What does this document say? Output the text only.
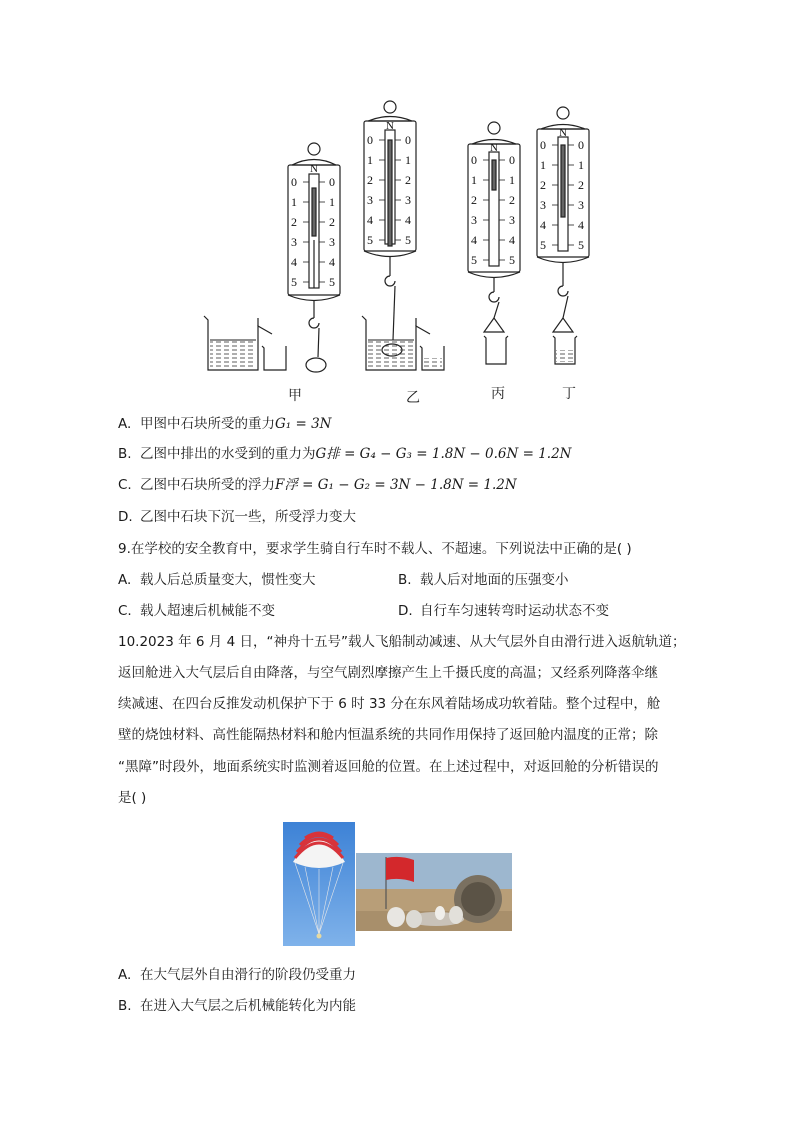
N
0	0
1	1
2	2
3	3
4	4
5	5
N
0	0
1	1
2	2
3	3
4	4
5	5
N
0	0
1	1
2	2
3	3
4	4
5	5
N
0	0
1	1
2	2
3	3
4	4
5	5
甲	乙	丙	丁
A. 甲图中石块所受的重力G₁ = 3N
B. 乙图中排出的水受到的重力为G排 = G₄ − G₃ = 1.8N − 0.6N = 1.2N
C. 乙图中石块所受的浮力F浮 = G₁ − G₂ = 3N − 1.8N = 1.2N
D. 乙图中石块下沉一些，所受浮力变大
9.在学校的安全教育中，要求学生骑自行车时不载人、不超速。下列说法中正确的是( )
A. 载人后总质量变大，惯性变大	B. 载人后对地面的压强变小
C. 载人超速后机械能不变	D. 自行车匀速转弯时运动状态不变
10.2023 年 6 月 4 日，“神舟十五号”载人飞船制动减速、从大气层外自由滑行进入返航轨道；
返回舱进入大气层后自由降落，与空气剧烈摩擦产生上千摄氏度的高温；又经系列降落伞继
续减速、在四台反推发动机保护下于 6 时 33 分在东风着陆场成功软着陆。整个过程中，舱
壁的烧蚀材料、高性能隔热材料和舱内恒温系统的共同作用保持了返回舱内温度的正常；除
“黑障”时段外，地面系统实时监测着返回舱的位置。在上述过程中，对返回舱的分析错误的
是( )
A. 在大气层外自由滑行的阶段仍受重力
B. 在进入大气层之后机械能转化为内能
